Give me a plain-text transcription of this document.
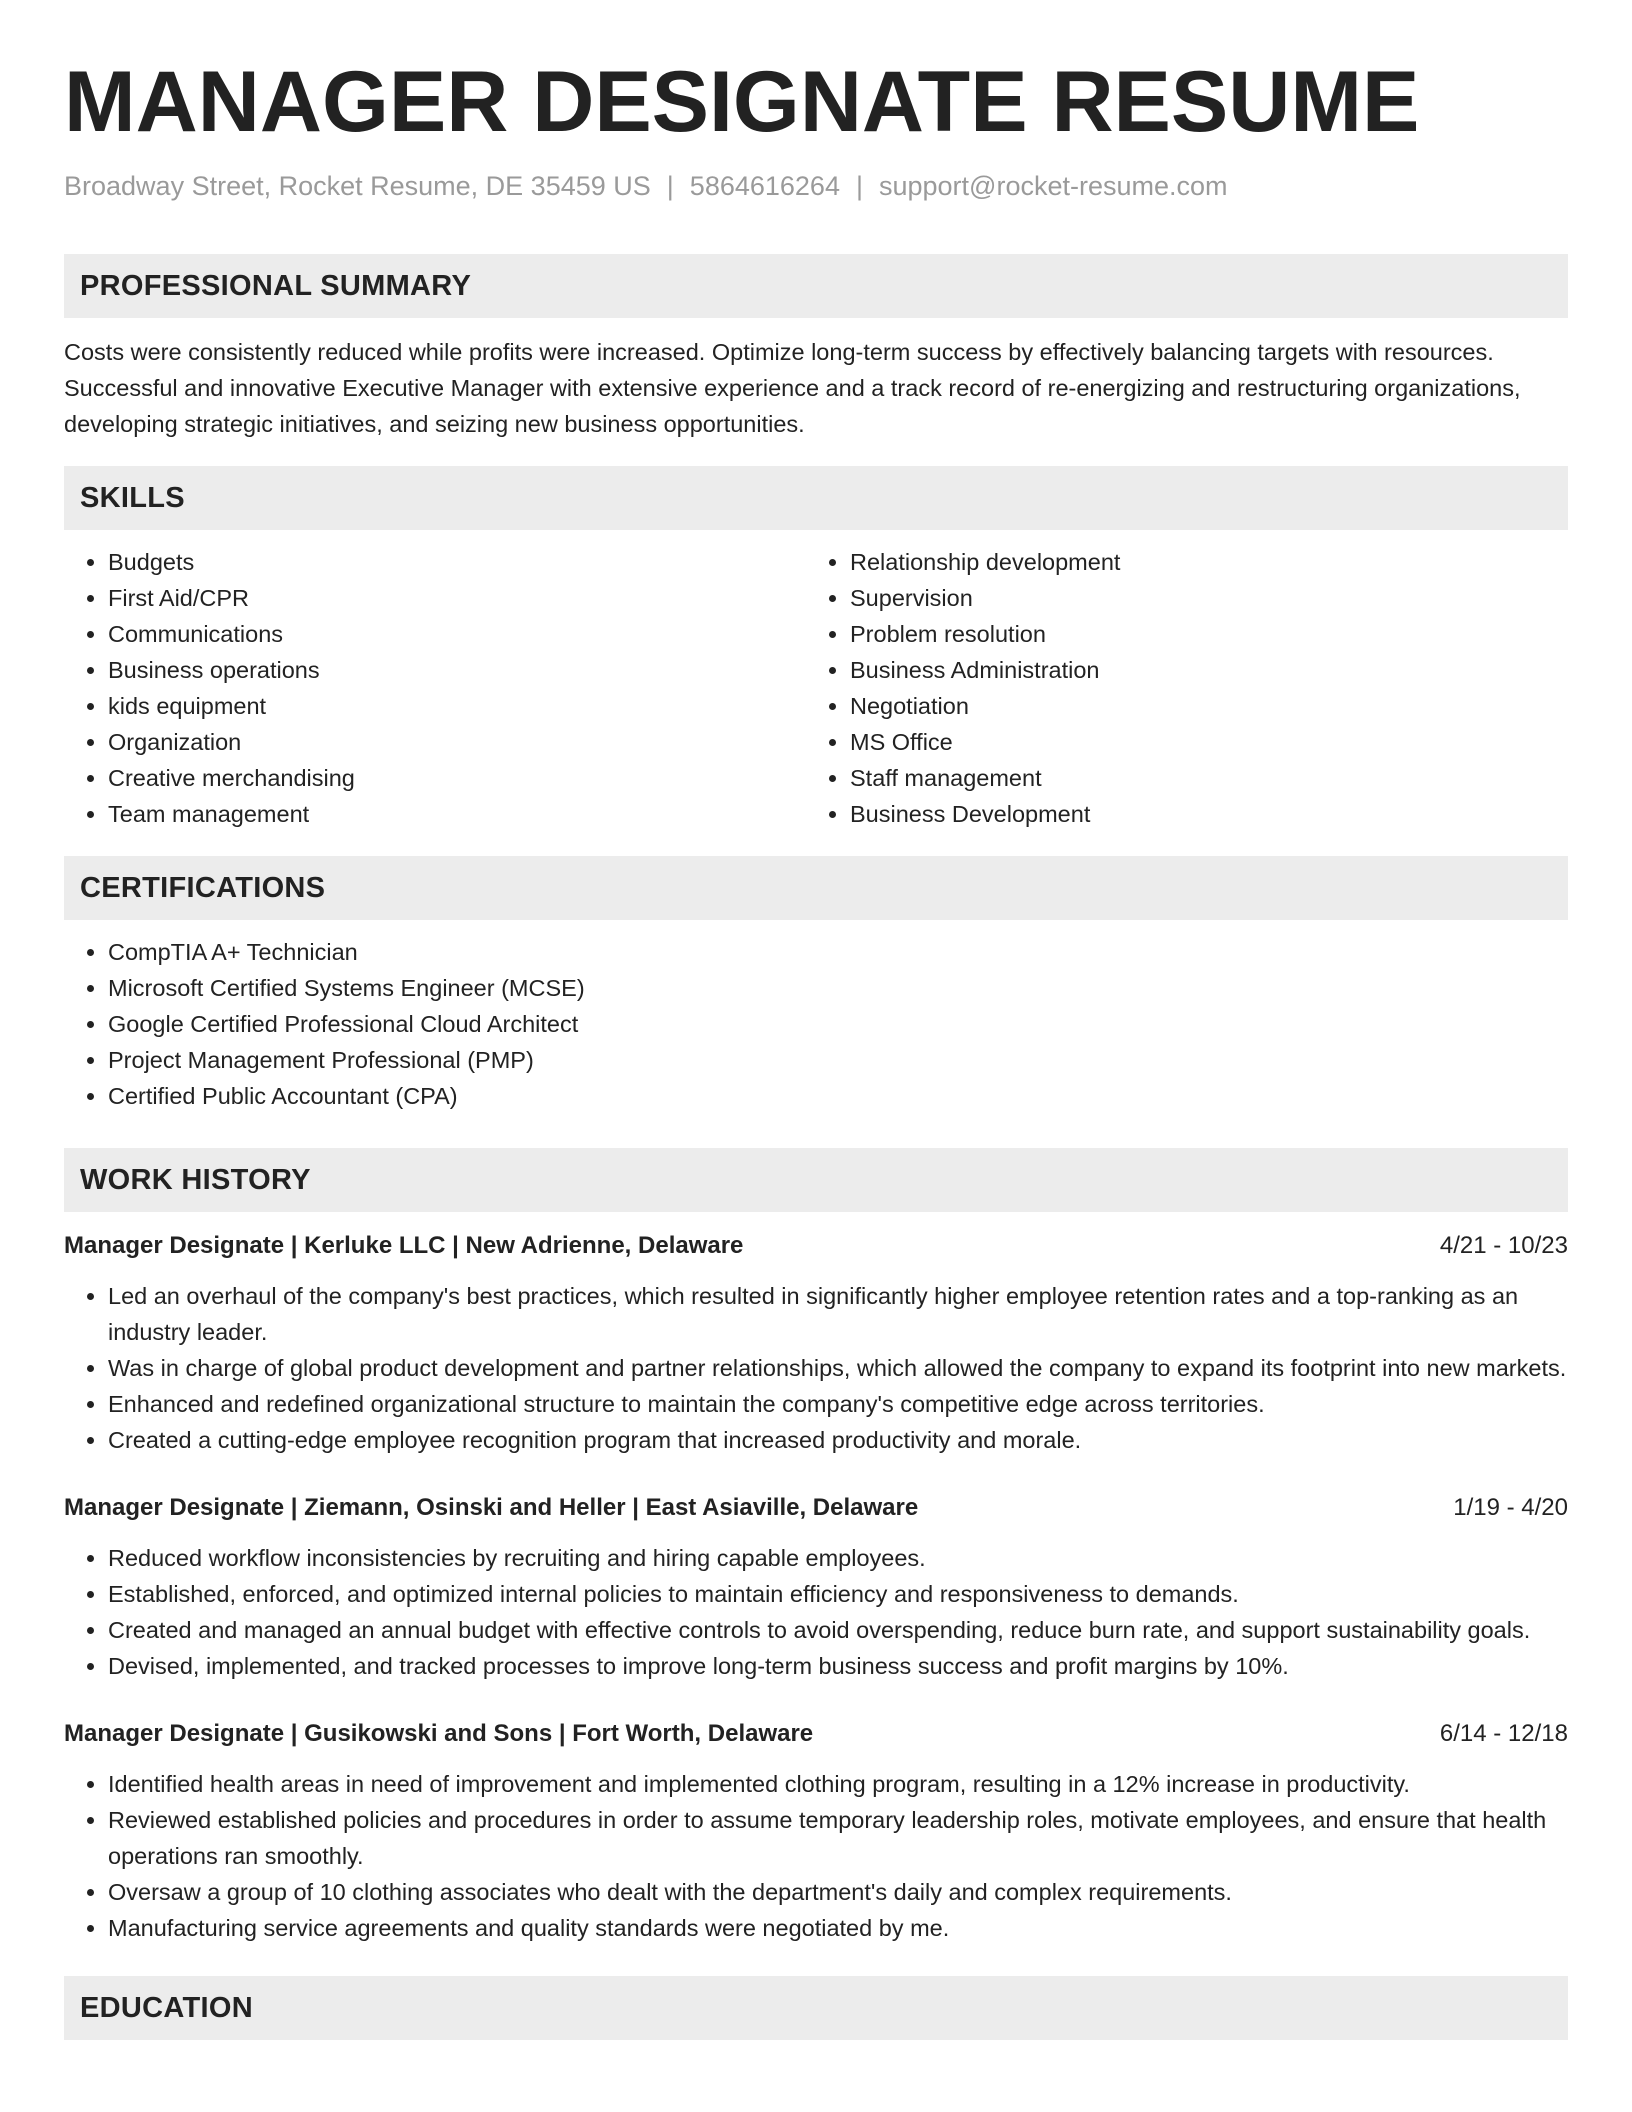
MANAGER DESIGNATE RESUME
Broadway Street, Rocket Resume, DE 35459 US | 5864616264 | support@rocket-resume.com
PROFESSIONAL SUMMARY

Costs were consistently reduced while profits were increased. Optimize long-term success by effectively balancing targets with resources. Successful and innovative Executive Manager with extensive experience and a track record of re-energizing and restructuring organizations, developing strategic initiatives, and seizing new business opportunities.

SKILLS
• Budgets
• First Aid/CPR
• Communications
• Business operations
• kids equipment
• Organization
• Creative merchandising
• Team management
• Relationship development
• Supervision
• Problem resolution
• Business Administration
• Negotiation
• MS Office
• Staff management
• Business Development
CERTIFICATIONS
• CompTIA A+ Technician
• Microsoft Certified Systems Engineer (MCSE)
• Google Certified Professional Cloud Architect
• Project Management Professional (PMP)
• Certified Public Accountant (CPA)
WORK HISTORY
Manager Designate | Kerluke LLC | New Adrienne, Delaware	4/21 - 10/23
• Led an overhaul of the company's best practices, which resulted in significantly higher employee retention rates and a top-ranking as an industry leader.
• Was in charge of global product development and partner relationships, which allowed the company to expand its footprint into new markets.
• Enhanced and redefined organizational structure to maintain the company's competitive edge across territories.
• Created a cutting-edge employee recognition program that increased productivity and morale.
Manager Designate | Ziemann, Osinski and Heller | East Asiaville, Delaware	1/19 - 4/20
• Reduced workflow inconsistencies by recruiting and hiring capable employees.
• Established, enforced, and optimized internal policies to maintain efficiency and responsiveness to demands.
• Created and managed an annual budget with effective controls to avoid overspending, reduce burn rate, and support sustainability goals.
• Devised, implemented, and tracked processes to improve long-term business success and profit margins by 10%.
Manager Designate | Gusikowski and Sons | Fort Worth, Delaware	6/14 - 12/18
• Identified health areas in need of improvement and implemented clothing program, resulting in a 12% increase in productivity.
• Reviewed established policies and procedures in order to assume temporary leadership roles, motivate employees, and ensure that health operations ran smoothly.
• Oversaw a group of 10 clothing associates who dealt with the department's daily and complex requirements.
• Manufacturing service agreements and quality standards were negotiated by me.
EDUCATION
